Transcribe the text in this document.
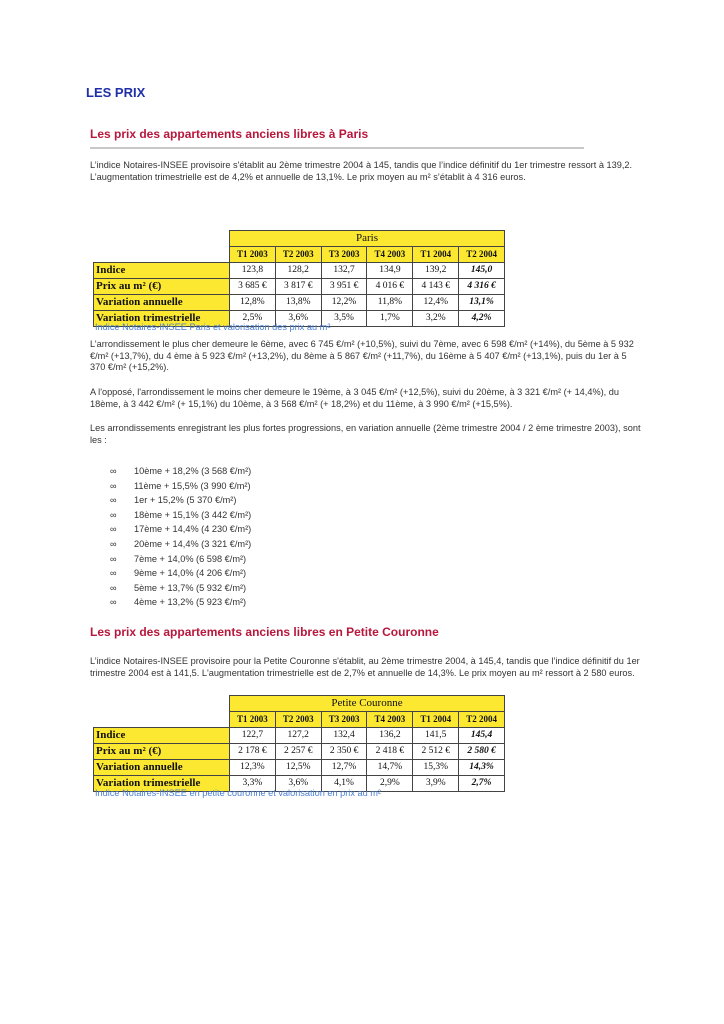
LES PRIX
Les prix des appartements anciens libres à Paris

L’indice Notaires-INSEE provisoire s'établit au 2ème trimestre 2004 à 145, tandis que l’indice définitif du 1er trimestre ressort à 139,2. L’augmentation trimestrielle est de 4,2% et annuelle de 13,1%. Le prix moyen au m² s’établit à 4 316 euros.

	Paris					
	T1 2003	T2 2003	T3 2003	T4 2003	T1 2004	T2 2004
Indice	123,8	128,2	132,7	134,9	139,2	145,0
Prix au m² (€)	3 685 €	3 817 €	3 951 €	4 016 €	4 143 €	4 316 €
Variation annuelle	12,8%	13,8%	12,2%	11,8%	12,4%	13,1%
Variation trimestrielle	2,5%	3,6%	3,5%	1,7%	3,2%	4,2%
Indice Notaires-INSEE Paris et valorisation des prix au m²

L’arrondissement le plus cher demeure le 6ème, avec 6 745 €/m² (+10,5%), suivi du 7ème, avec 6 598 €/m² (+14%), du 5ème à 5 932 €/m² (+13,7%), du 4 ème à 5 923 €/m² (+13,2%), du 8ème à 5 867 €/m² (+11,7%), du 16ème à 5 407 €/m² (+13,1%), puis du 1er à 5 370 €/m² (+15,2%).

A l'opposé, l'arrondissement le moins cher demeure le 19ème, à 3 045 €/m² (+12,5%), suivi du 20ème, à 3 321 €/m² (+ 14,4%), du 18ème, à 3 442 €/m² (+ 15,1%) du 10ème, à 3 568 €/m² (+ 18,2%) et du 11ème, à 3 990 €/m² (+15,5%).

Les arrondissements enregistrant les plus fortes progressions, en variation annuelle (2ème trimestre 2004 / 2 ème trimestre 2003), sont les :

∞ 10ème + 18,2% (3 568 €/m²)
∞ 11ème + 15,5% (3 990 €/m²)
∞ 1er + 15,2% (5 370 €/m²)
∞ 18ème + 15,1% (3 442 €/m²)
∞ 17ème + 14,4% (4 230 €/m²)
∞ 20ème + 14,4% (3 321 €/m²)
∞ 7ème + 14,0% (6 598 €/m²)
∞ 9ème + 14,0% (4 206 €/m²)
∞ 5ème + 13,7% (5 932 €/m²)
∞ 4ème + 13,2% (5 923 €/m²)
Les prix des appartements anciens libres en Petite Couronne

L’indice Notaires-INSEE provisoire pour la Petite Couronne s'établit, au 2ème trimestre 2004, à 145,4, tandis que l’indice définitif du 1er trimestre 2004 est à 141,5. L'augmentation trimestrielle est de 2,7% et annuelle de 14,3%. Le prix moyen au m² ressort à 2 580 euros.

	Petite Couronne					
	T1 2003	T2 2003	T3 2003	T4 2003	T1 2004	T2 2004
Indice	122,7	127,2	132,4	136,2	141,5	145,4
Prix au m² (€)	2 178 €	2 257 €	2 350 €	2 418 €	2 512 €	2 580 €
Variation annuelle	12,3%	12,5%	12,7%	14,7%	15,3%	14,3%
Variation trimestrielle	3,3%	3,6%	4,1%	2,9%	3,9%	2,7%
Indice Notaires-INSEE en petite couronne et valorisation en prix au m²
